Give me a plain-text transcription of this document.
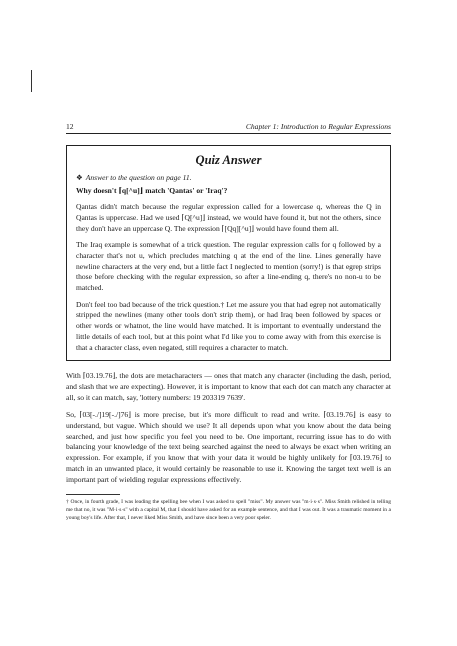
12	Chapter 1: Introduction to Regular Expressions
Quiz Answer
❖ Answer to the question on page 11.
Why doesn't ⌈q[^u]⌋ match 'Qantas' or 'Iraq'?

Qantas didn't match because the regular expression called for a lowercase q, whereas the Q in Qantas is uppercase. Had we used ⌈Q[^u]⌋ instead, we would have found it, but not the others, since they don't have an uppercase Q. The expression ⌈[Qq][^u]⌋ would have found them all.

The Iraq example is somewhat of a trick question. The regular expression calls for q followed by a character that's not u, which precludes matching q at the end of the line. Lines generally have newline characters at the very end, but a little fact I neglected to mention (sorry!) is that egrep strips those before checking with the regular expression, so after a line-ending q, there's no non-u to be matched.

Don't feel too bad because of the trick question.† Let me assure you that had egrep not automatically stripped the newlines (many other tools don't strip them), or had Iraq been followed by spaces or other words or whatnot, the line would have matched. It is important to eventually understand the little details of each tool, but at this point what I'd like you to come away with from this exercise is that a character class, even negated, still requires a character to match.

With ⌈03.19.76⌋, the dots are metacharacters — ones that match any character (including the dash, period, and slash that we are expecting). However, it is important to know that each dot can match any character at all, so it can match, say, 'lottery numbers: 19 203319 7639'.

So, ⌈03[-./]19[-./]76⌋ is more precise, but it's more difficult to read and write. ⌈03.19.76⌋ is easy to understand, but vague. Which should we use? It all depends upon what you know about the data being searched, and just how specific you feel you need to be. One important, recurring issue has to do with balancing your knowledge of the text being searched against the need to always be exact when writing an expression. For example, if you know that with your data it would be highly unlikely for ⌈03.19.76⌋ to match in an unwanted place, it would certainly be reasonable to use it. Knowing the target text well is an important part of wielding regular expressions effectively.

† Once, in fourth grade, I was leading the spelling bee when I was asked to spell "miss". My answer was "m·i·s·s". Miss Smith relished in telling me that no, it was "M·i·s·s" with a capital M, that I should have asked for an example sentence, and that I was out. It was a traumatic moment in a young boy's life. After that, I never liked Miss Smith, and have since been a very poor speler.
